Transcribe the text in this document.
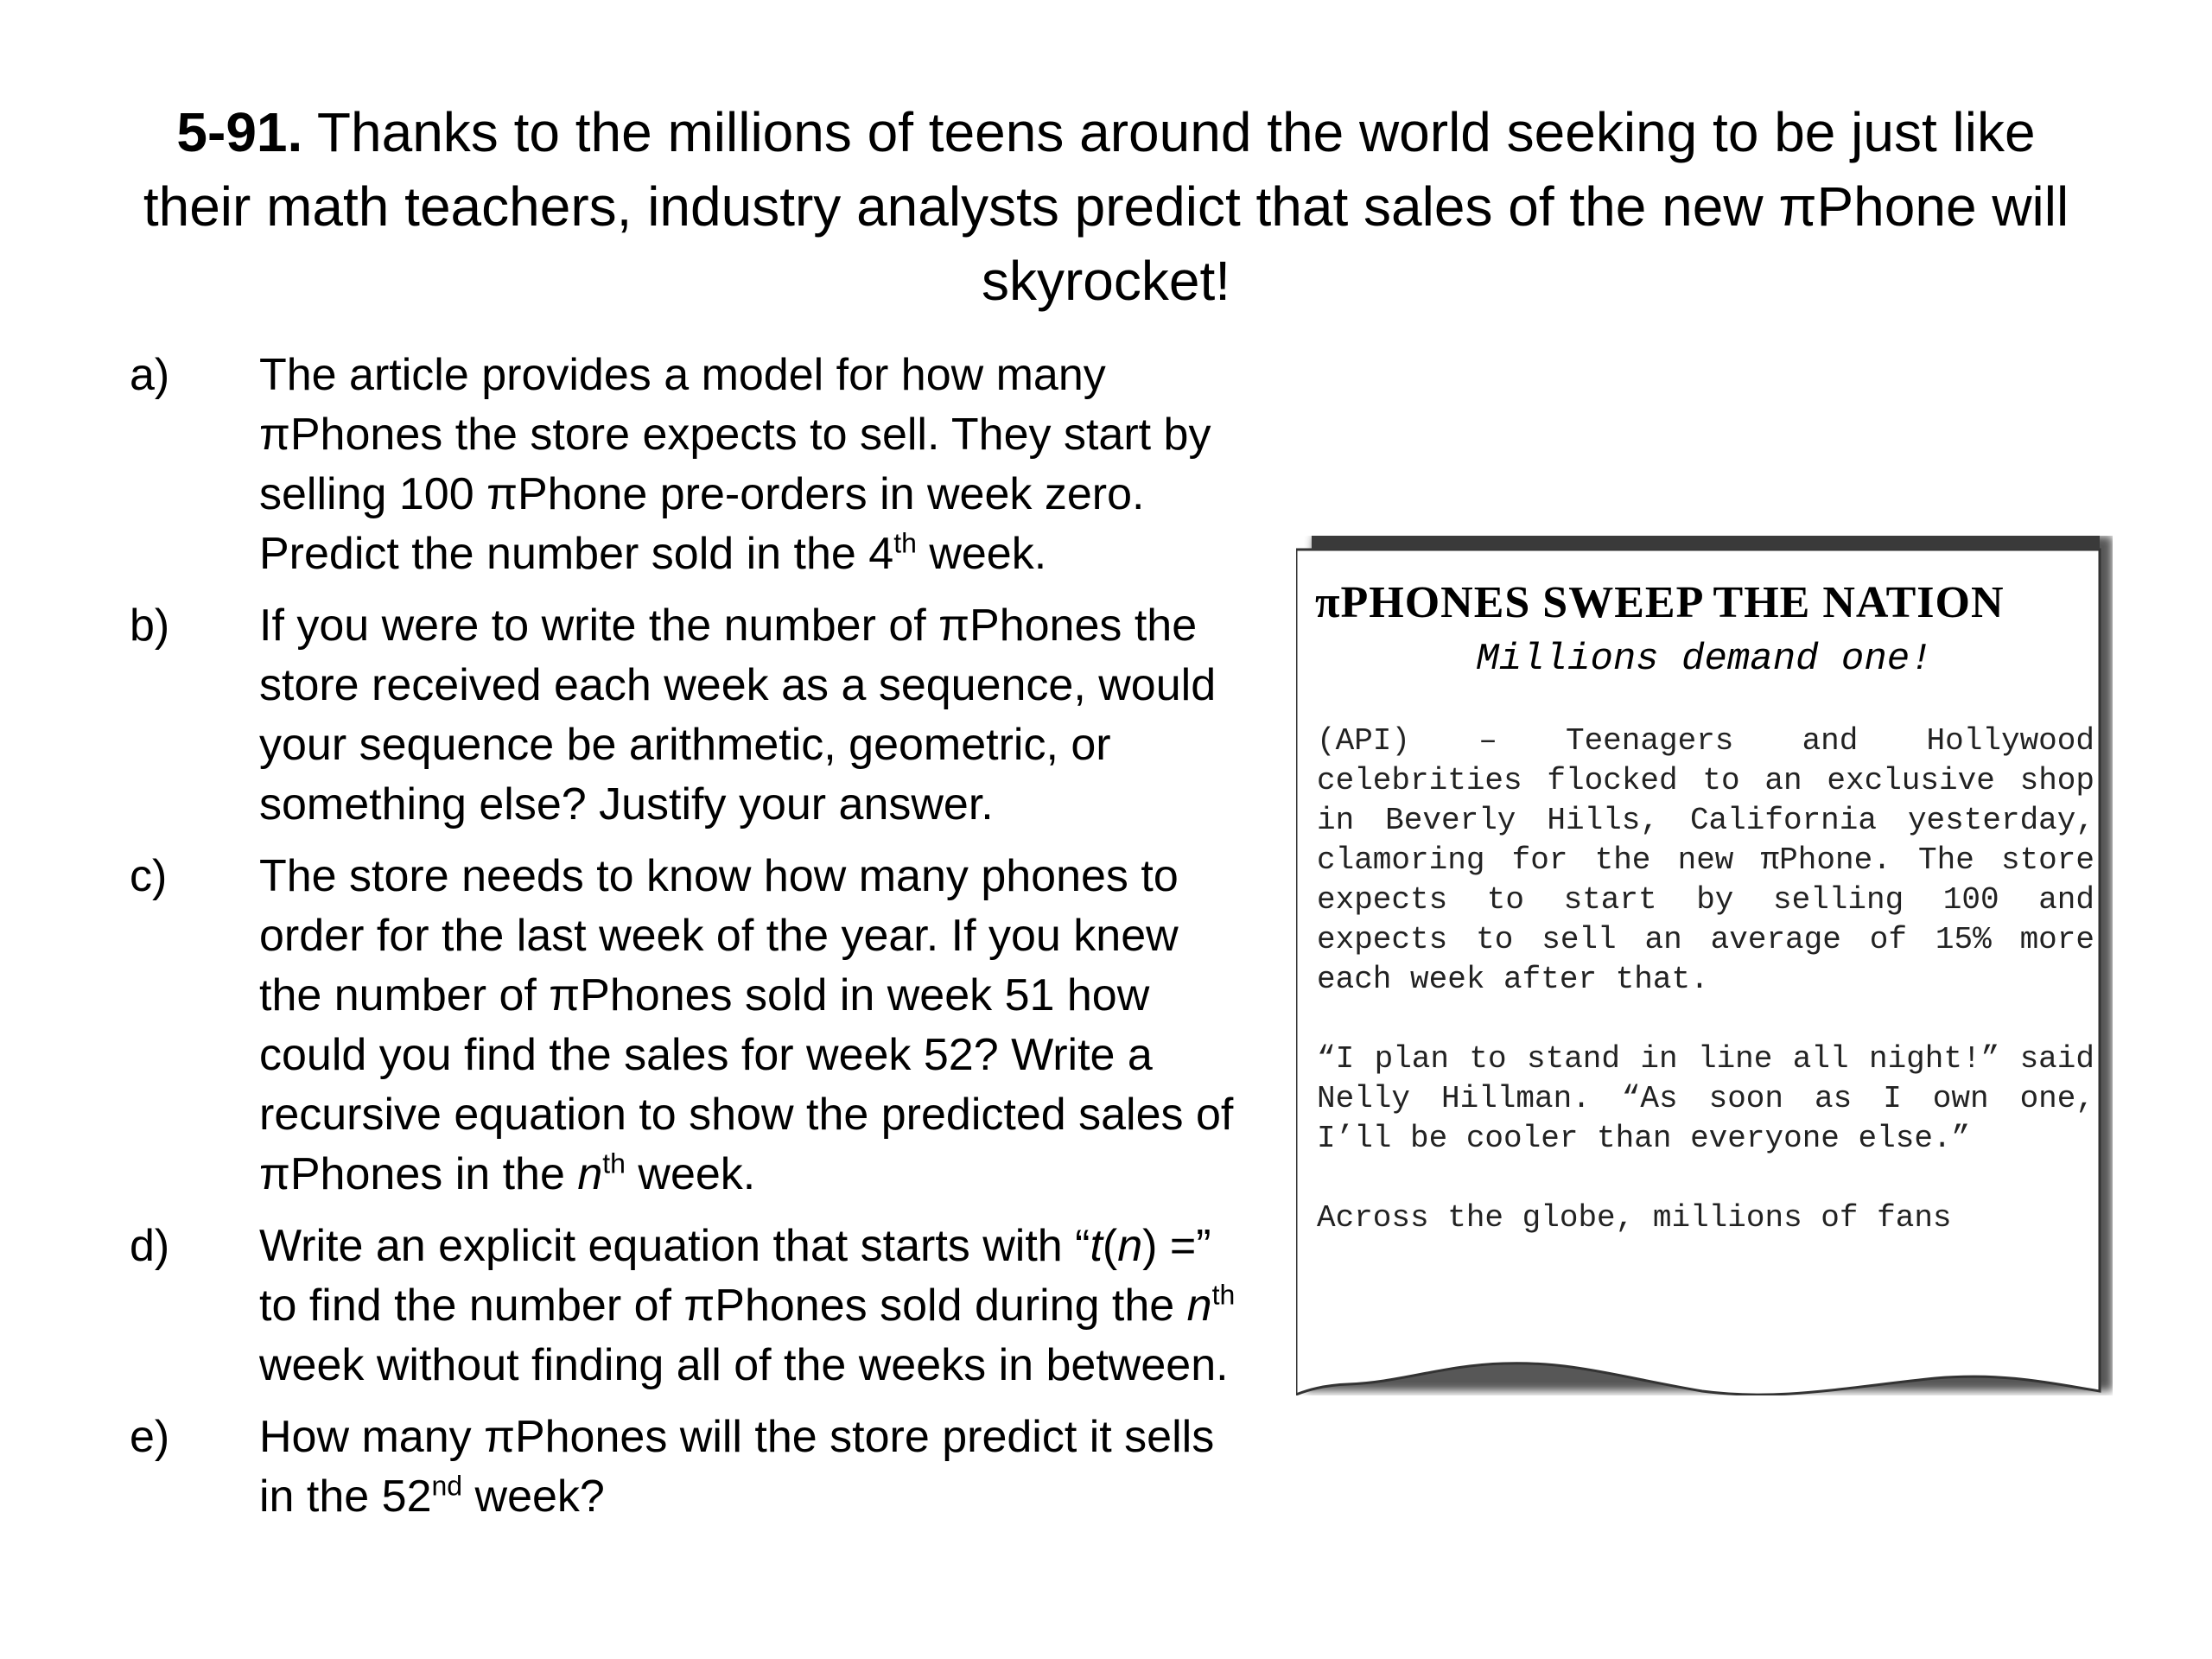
5-91. Thanks to the millions of teens around the world seeking to be just like their math teachers, industry analysts predict that sales of the new πPhone will skyrocket!
a)	The article provides a model for how many πPhones the store expects to sell. They start by selling 100 πPhone pre-orders in week zero. Predict the number sold in the 4th week.
b)	If you were to write the number of πPhones the store received each week as a sequence, would your sequence be arithmetic, geometric, or something else? Justify your answer.
c)	The store needs to know how many phones to order for the last week of the year. If you knew the number of πPhones sold in week 51 how could you find the sales for week 52? Write a recursive equation to show the predicted sales of πPhones in the $n^{th}$ week.
d)	Write an explicit equation that starts with “t(n) =” to find the number of πPhones sold during the $n^{th}$ week without finding all of the weeks in between.
e)	How many πPhones will the store predict it sells in the 52nd week?
πPHONES SWEEP THE NATION
Millions demand one!

(API) – Teenagers and Hollywood celebrities flocked to an exclusive shop in Beverly Hills, California yesterday, clamoring for the new πPhone. The store expects to start by selling 100 and expects to sell an average of 15% more each week after that.

“I plan to stand in line all night!” said Nelly Hillman. “As soon as I own one, I’ll be cooler than everyone else.”

Across the globe, millions of fans
